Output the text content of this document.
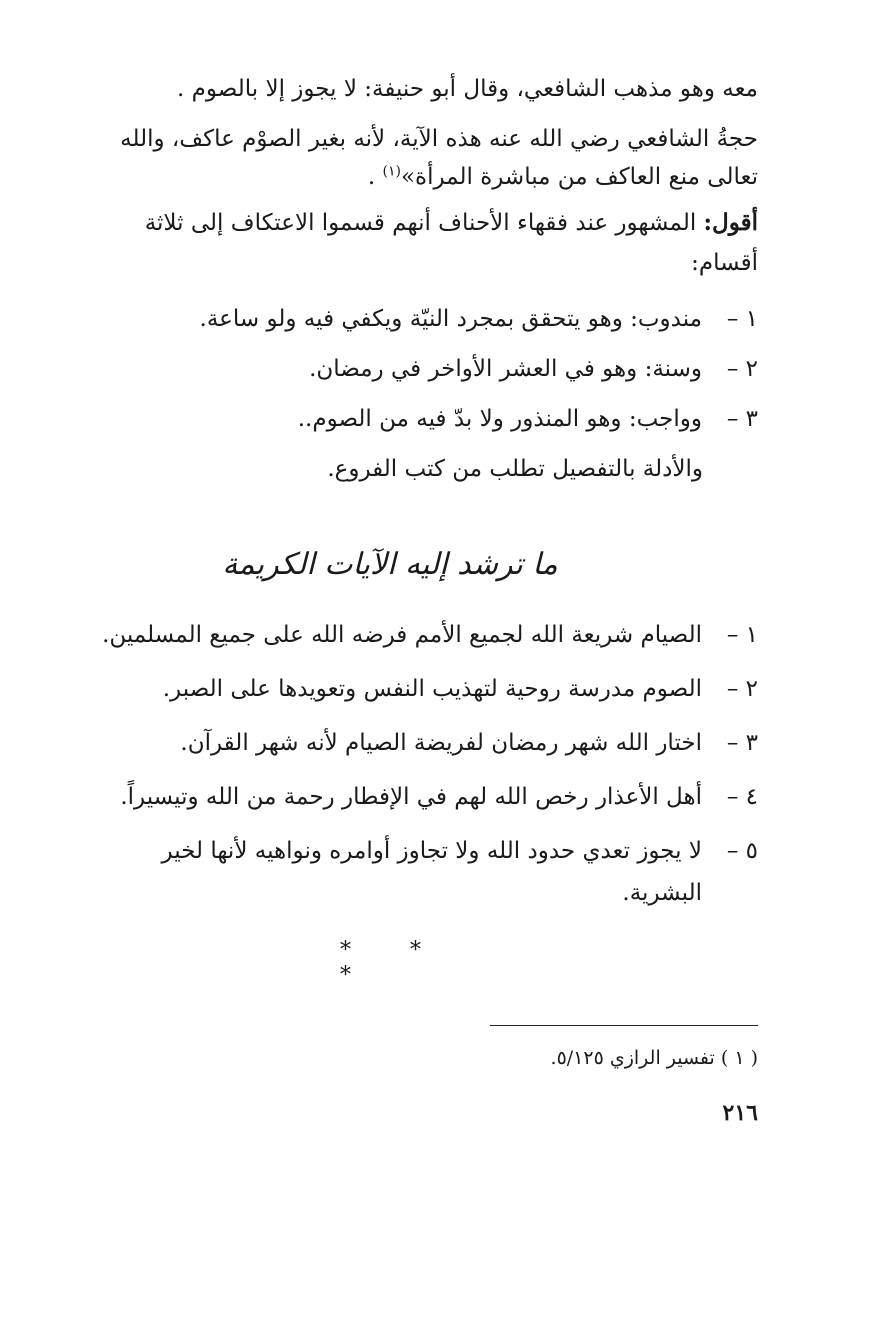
معه وهو مذهب الشافعي، وقال أبو حنيفة: لا يجوز إلا بالصوم .
حجةُ الشافعي رضي الله عنه هذه الآية، لأنه بغير الصوْم عاكف، والله
تعالى منع العاكف من مباشرة المرأة»$^{(١)}$ .
أقول: المشهور عند فقهاء الأحناف أنهم قسموا الاعتكاف إلى ثلاثة
أقسام:
١ –مندوب: وهو يتحقق بمجرد النيّة ويكفي فيه ولو ساعة.
٢ –وسنة: وهو في العشر الأواخر في رمضان.
٣ –وواجب: وهو المنذور ولا بدّ فيه من الصوم..
والأدلة بالتفصيل تطلب من كتب الفروع.
ما ترشد إليه الآيات الكريمة
١ –الصيام شريعة الله لجميع الأمم فرضه الله على جميع المسلمين.
٢ –الصوم مدرسة روحية لتهذيب النفس وتعويدها على الصبر.
٣ –اختار الله شهر رمضان لفريضة الصيام لأنه شهر القرآن.
٤ –أهل الأعذار رخص الله لهم في الإفطار رحمة من الله وتيسيراً.
٥ –لا يجوز تعدي حدود الله ولا تجاوز أوامره ونواهيه لأنها لخير
البشرية.
* * *
( ١ ) تفسير الرازي ٥/١٢٥.
٢١٦
